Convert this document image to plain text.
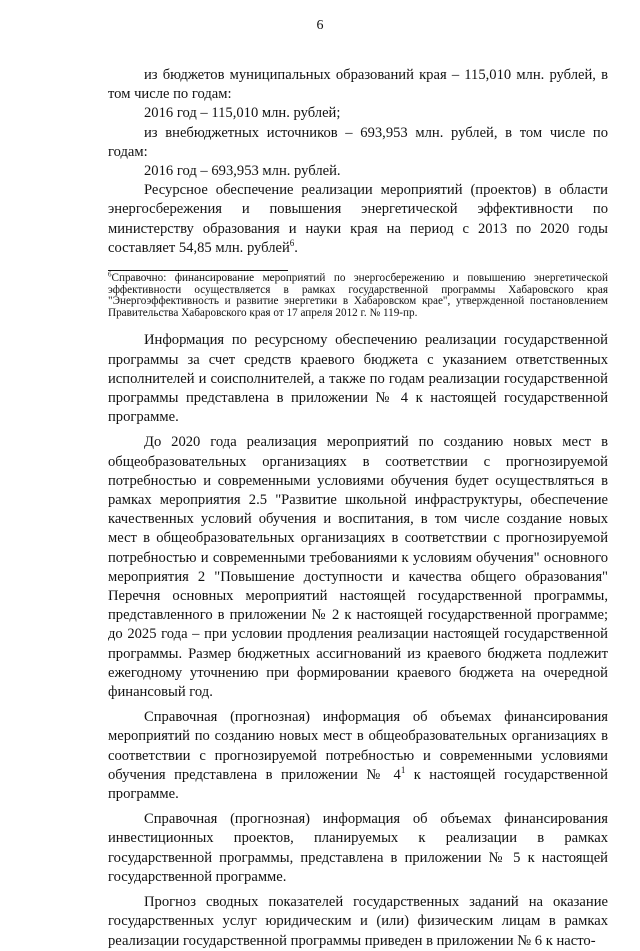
6

из бюджетов муниципальных образований края – 115,010 млн. рублей, в том числе по годам:

2016 год – 115,010 млн. рублей;

из внебюджетных источников – 693,953 млн. рублей, в том числе по годам:

2016 год – 693,953 млн. рублей.

Ресурсное обеспечение реализации мероприятий (проектов) в области энергосбережения и повышения энергетической эффективности по министерству образования и науки края на период с 2013 по 2020 годы составляет 54,85 млн. рублей$^6$.

$^6$Справочно: финансирование мероприятий по энергосбережению и повышению энергетической эффективности осуществляется в рамках государственной программы Хабаровского края "Энергоэффективность и развитие энергетики в Хабаровском крае", утвержденной постановлением Правительства Хабаровского края от 17 апреля 2012 г. № 119-пр.

Информация по ресурсному обеспечению реализации государственной программы за счет средств краевого бюджета с указанием ответственных исполнителей и соисполнителей, а также по годам реализации государственной программы представлена в приложении № 4 к настоящей государственной программе.

До 2020 года реализация мероприятий по созданию новых мест в общеобразовательных организациях в соответствии с прогнозируемой потребностью и современными условиями обучения будет осуществляться в рамках мероприятия 2.5 "Развитие школьной инфраструктуры, обеспечение качественных условий обучения и воспитания, в том числе создание новых мест в общеобразовательных организациях в соответствии с прогнозируемой потребностью и современными требованиями к условиям обучения" основного мероприятия 2 "Повышение доступности и качества общего образования" Перечня основных мероприятий настоящей государственной программы, представленного в приложении № 2 к настоящей государственной программе; до 2025 года – при условии продления реализации настоящей государственной программы. Размер бюджетных ассигнований из краевого бюджета подлежит ежегодному уточнению при формировании краевого бюджета на очередной финансовый год.

Справочная (прогнозная) информация об объемах финансирования мероприятий по созданию новых мест в общеобразовательных организациях в соответствии с прогнозируемой потребностью и современными условиями обучения представлена в приложении № $4^1$ к настоящей государственной программе.

Справочная (прогнозная) информация об объемах финансирования инвестиционных проектов, планируемых к реализации в рамках государственной программы, представлена в приложении № 5 к настоящей государственной программе.

Прогноз сводных показателей государственных заданий на оказание государственных услуг юридическим и (или) физическим лицам в рамках реализации государственной программы приведен в приложении № 6 к насто-
